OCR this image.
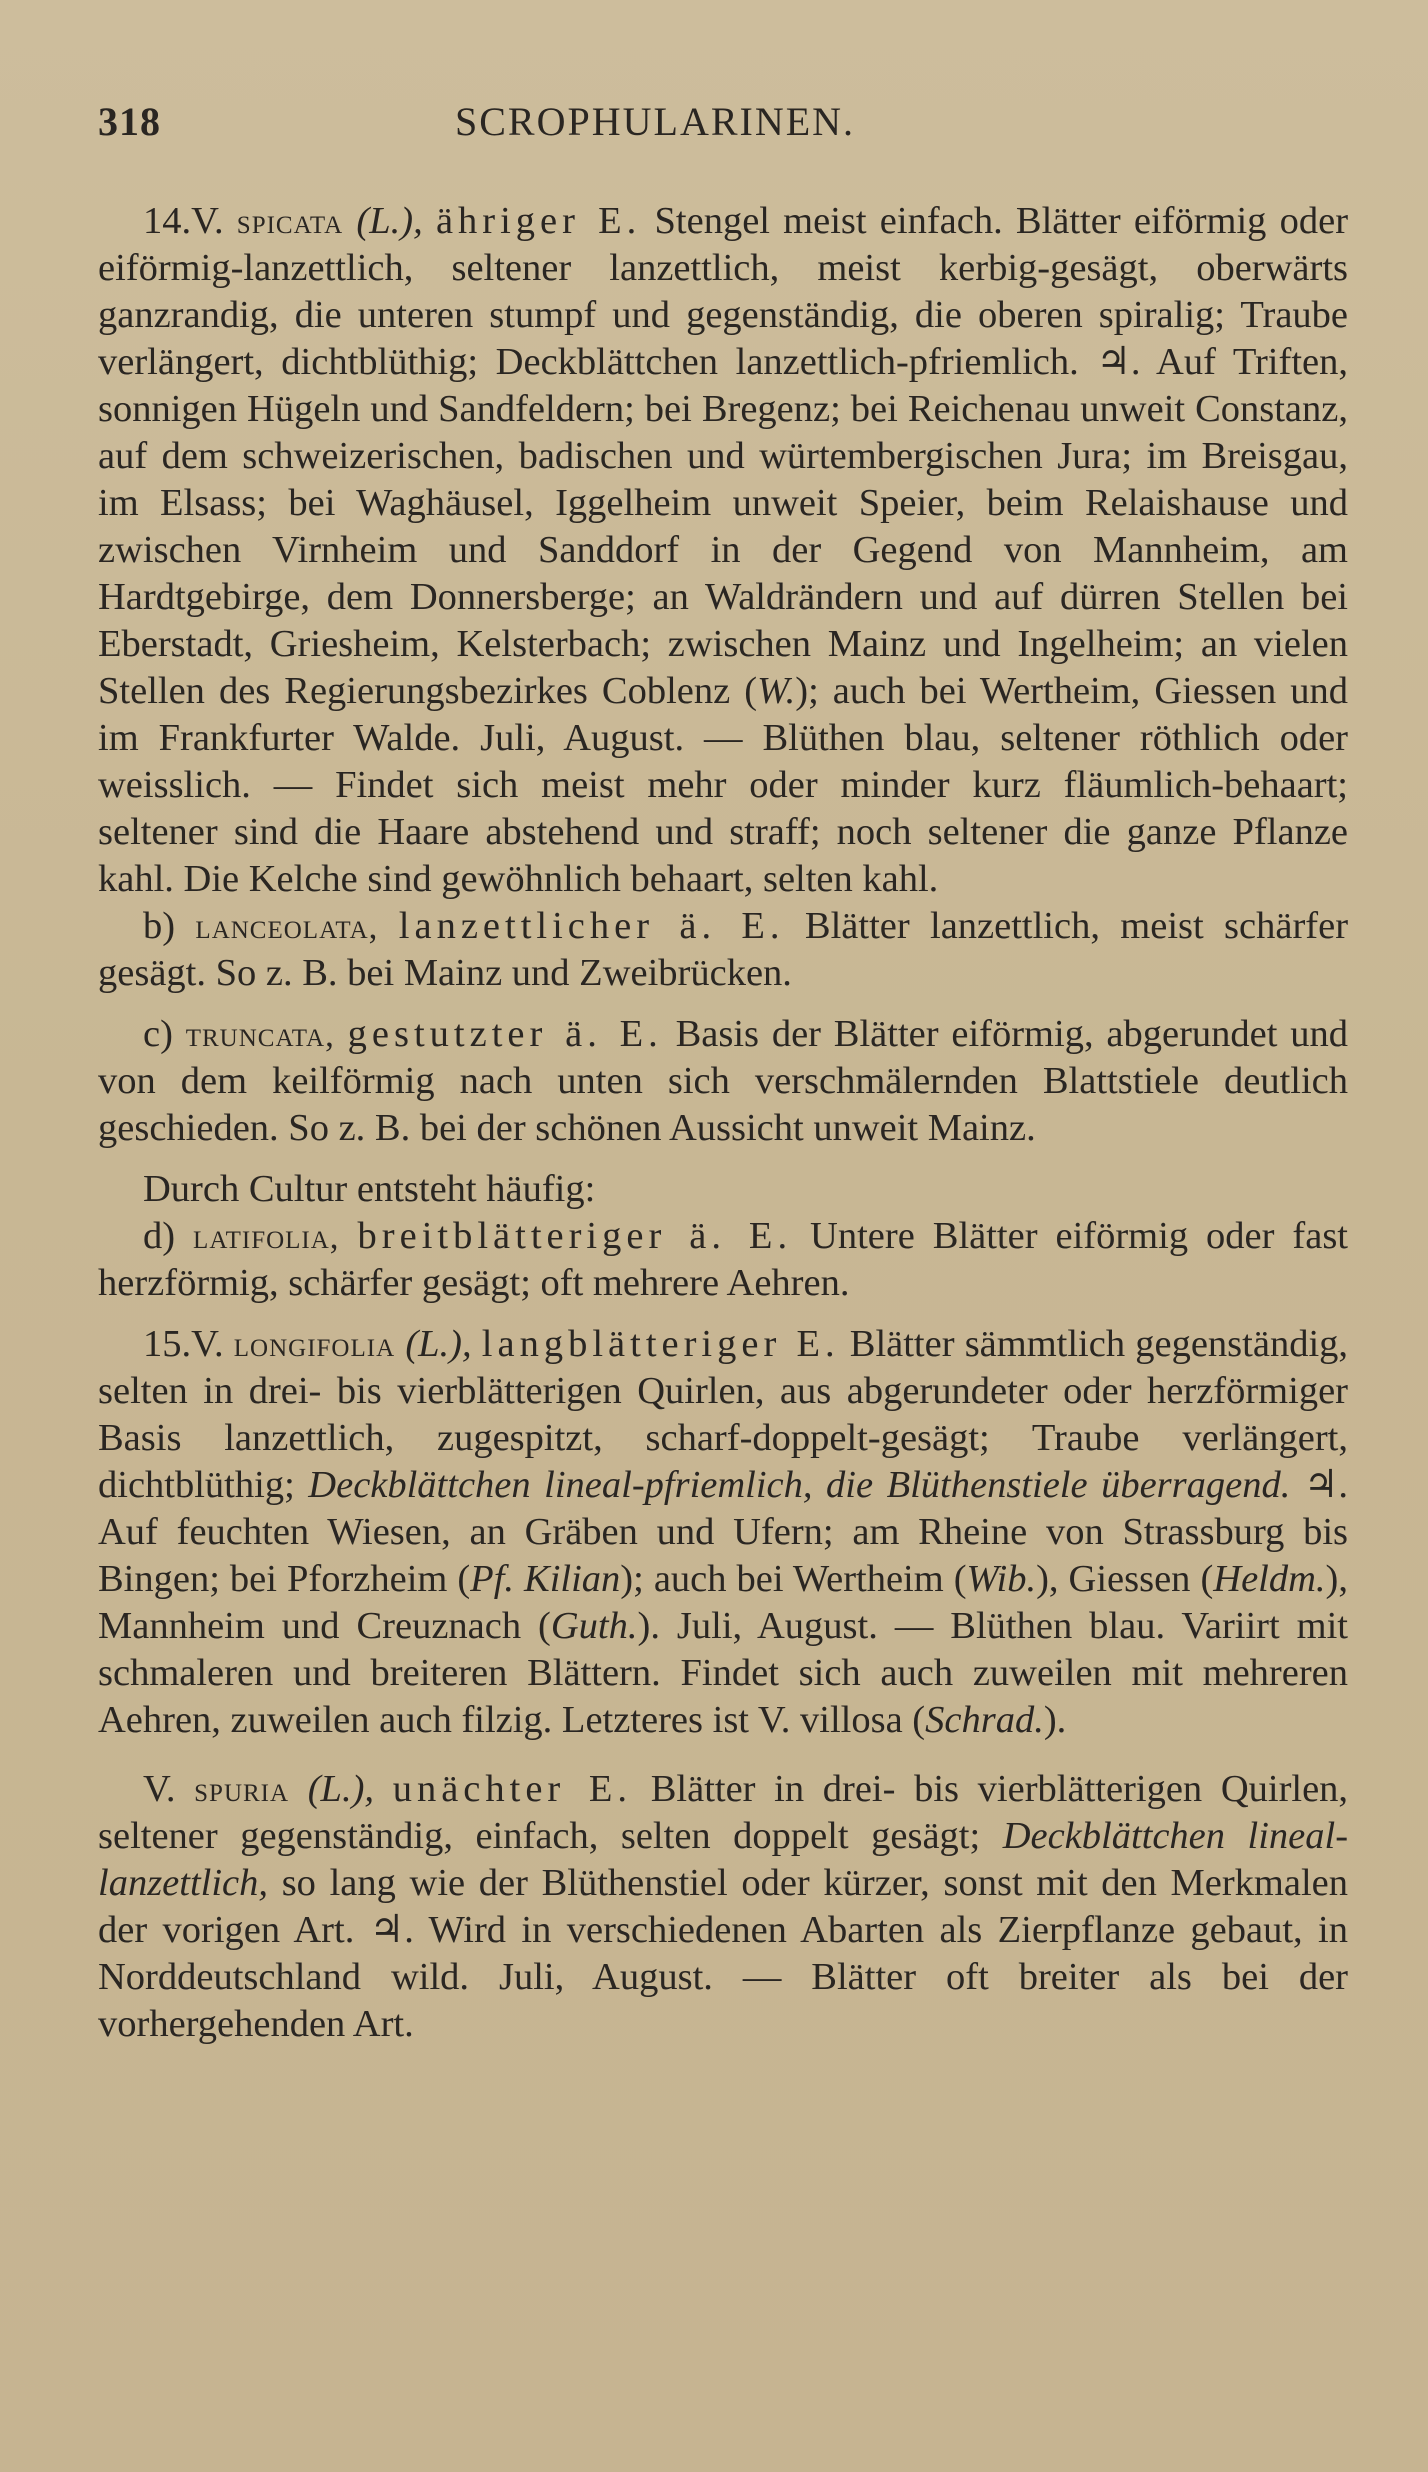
318	SCROPHULARINEN.

14.V. spicata (L.), ähriger E. Stengel meist einfach. Blätter eiförmig oder eiförmig-lanzettlich, seltener lanzettlich, meist kerbig-gesägt, oberwärts ganzrandig, die unteren stumpf und gegenständig, die oberen spiralig; Traube verlängert, dichtblüthig; Deckblättchen lanzettlich-pfriemlich. ♃. Auf Triften, sonnigen Hügeln und Sandfeldern; bei Bregenz; bei Reichenau unweit Constanz, auf dem schweizerischen, badischen und würtembergischen Jura; im Breisgau, im Elsass; bei Waghäusel, Iggelheim unweit Speier, beim Relaishause und zwischen Virnheim und Sanddorf in der Gegend von Mannheim, am Hardtgebirge, dem Donnersberge; an Waldrändern und auf dürren Stellen bei Eberstadt, Griesheim, Kelsterbach; zwischen Mainz und Ingelheim; an vielen Stellen des Regierungsbezirkes Coblenz (W.); auch bei Wertheim, Giessen und im Frankfurter Walde. Juli, August. — Blüthen blau, seltener röthlich oder weisslich. — Findet sich meist mehr oder minder kurz fläumlich-behaart; seltener sind die Haare abstehend und straff; noch seltener die ganze Pflanze kahl. Die Kelche sind gewöhnlich behaart, selten kahl.

b) lanceolata, lanzettlicher ä. E. Blätter lanzettlich, meist schärfer gesägt. So z. B. bei Mainz und Zweibrücken.

c) truncata, gestutzter ä. E. Basis der Blätter eiförmig, abgerundet und von dem keilförmig nach unten sich verschmälernden Blattstiele deutlich geschieden. So z. B. bei der schönen Aussicht unweit Mainz.

Durch Cultur entsteht häufig:

d) latifolia, breitblätteriger ä. E. Untere Blätter eiförmig oder fast herzförmig, schärfer gesägt; oft mehrere Aehren.

15.V. longifolia (L.), langblätteriger E. Blätter sämmtlich gegenständig, selten in drei- bis vierblätterigen Quirlen, aus abgerundeter oder herzförmiger Basis lanzettlich, zugespitzt, scharf-doppelt-gesägt; Traube verlängert, dichtblüthig; Deckblättchen lineal-pfriemlich, die Blüthenstiele überragend. ♃. Auf feuchten Wiesen, an Gräben und Ufern; am Rheine von Strassburg bis Bingen; bei Pforzheim (Pf. Kilian); auch bei Wertheim (Wib.), Giessen (Heldm.), Mannheim und Creuznach (Guth.). Juli, August. — Blüthen blau. Variirt mit schmaleren und breiteren Blättern. Findet sich auch zuweilen mit mehreren Aehren, zuweilen auch filzig. Letzteres ist V. villosa (Schrad.).

V. spuria (L.), unächter E. Blätter in drei- bis vierblätterigen Quirlen, seltener gegenständig, einfach, selten doppelt gesägt; Deckblättchen lineal-lanzettlich, so lang wie der Blüthenstiel oder kürzer, sonst mit den Merkmalen der vorigen Art. ♃. Wird in verschiedenen Abarten als Zierpflanze gebaut, in Norddeutschland wild. Juli, August. — Blätter oft breiter als bei der vorhergehenden Art.
